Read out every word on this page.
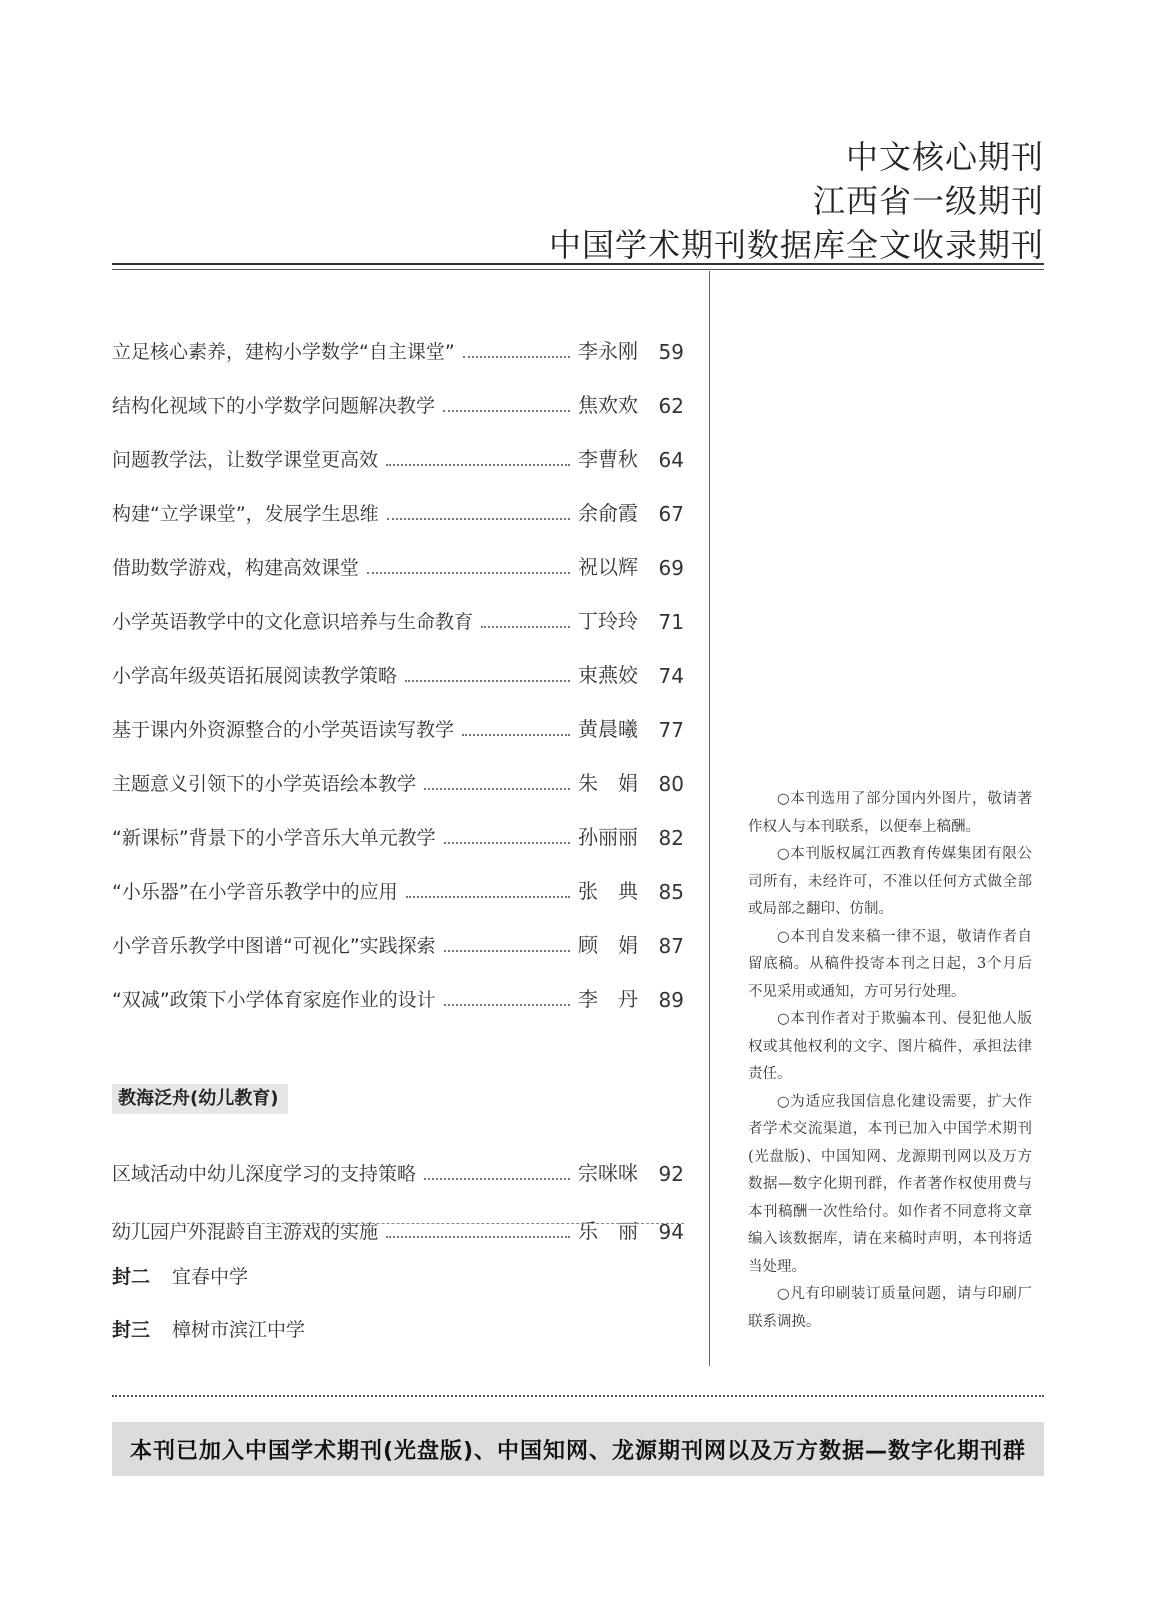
中文核心期刊
江西省一级期刊
中国学术期刊数据库全文收录期刊
立足核心素养，建构小学数学“自主课堂”	李永刚	59
结构化视域下的小学数学问题解决教学	焦欢欢	62
问题教学法，让数学课堂更高效	李曹秋	64
构建“立学课堂”，发展学生思维	余俞霞	67
借助数学游戏，构建高效课堂	祝以辉	69
小学英语教学中的文化意识培养与生命教育	丁玲玲	71
小学高年级英语拓展阅读教学策略	束燕姣	74
基于课内外资源整合的小学英语读写教学	黄晨曦	77
主题意义引领下的小学英语绘本教学	朱　娟	80
“新课标”背景下的小学音乐大单元教学	孙丽丽	82
“小乐器”在小学音乐教学中的应用	张　典	85
小学音乐教学中图谱“可视化”实践探索	顾　娟	87
“双减”政策下小学体育家庭作业的设计	李　丹	89
教海泛舟(幼儿教育)
区域活动中幼儿深度学习的支持策略	宗咪咪	92
幼儿园户外混龄自主游戏的实施	乐　丽	94
封二 宜春中学
封三 樟树市滨江中学

○本刊选用了部分国内外图片，敬请著作权人与本刊联系，以便奉上稿酬。

○本刊版权属江西教育传媒集团有限公司所有，未经许可，不准以任何方式做全部或局部之翻印、仿制。

○本刊自发来稿一律不退，敬请作者自留底稿。从稿件投寄本刊之日起，3个月后不见采用或通知，方可另行处理。

○本刊作者对于欺骗本刊、侵犯他人版权或其他权利的文字、图片稿件，承担法律责任。

○为适应我国信息化建设需要，扩大作者学术交流渠道，本刊已加入中国学术期刊(光盘版)、中国知网、龙源期刊网以及万方数据—数字化期刊群，作者著作权使用费与本刊稿酬一次性给付。如作者不同意将文章编入该数据库，请在来稿时声明，本刊将适当处理。

○凡有印刷装订质量问题，请与印刷厂联系调换。

本刊已加入中国学术期刊(光盘版)、中国知网、龙源期刊网以及万方数据—数字化期刊群
